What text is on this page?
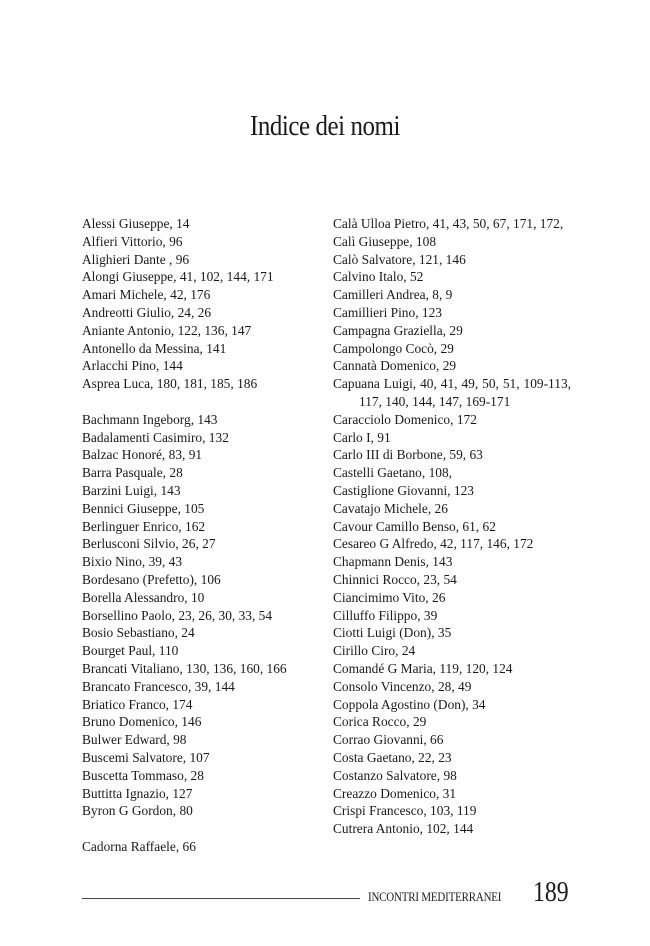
Indice dei nomi
Alessi Giuseppe, 14
Alfieri Vittorio, 96
Alighieri Dante , 96
Alongi Giuseppe, 41, 102, 144, 171
Amari Michele, 42, 176
Andreotti Giulio, 24, 26
Aniante Antonio, 122, 136, 147
Antonello da Messina, 141
Arlacchi Pino, 144
Asprea Luca, 180, 181, 185, 186
Bachmann Ingeborg, 143
Badalamenti Casimiro, 132
Balzac Honoré, 83, 91
Barra Pasquale, 28
Barzini Luigi, 143
Bennici Giuseppe, 105
Berlinguer Enrico, 162
Berlusconi Silvio, 26, 27
Bixio Nino, 39, 43
Bordesano (Prefetto), 106
Borella Alessandro, 10
Borsellino Paolo, 23, 26, 30, 33, 54
Bosio Sebastiano, 24
Bourget Paul, 110
Brancati Vitaliano, 130, 136, 160, 166
Brancato Francesco, 39, 144
Briatico Franco, 174
Bruno Domenico, 146
Bulwer Edward, 98
Buscemi Salvatore, 107
Buscetta Tommaso, 28
Buttitta Ignazio, 127
Byron G Gordon, 80
Cadorna Raffaele, 66
Calà Ulloa Pietro, 41, 43, 50, 67, 171, 172,
Calì Giuseppe, 108
Calò Salvatore, 121, 146
Calvino Italo, 52
Camilleri Andrea, 8, 9
Camillieri Pino, 123
Campagna Graziella, 29
Campolongo Cocò, 29
Cannatà Domenico, 29
Capuana Luigi, 40, 41, 49, 50, 51, 109-113, 117, 140, 144, 147, 169-171
Caracciolo Domenico, 172
Carlo I, 91
Carlo III di Borbone, 59, 63
Castelli Gaetano, 108,
Castiglione Giovanni, 123
Cavatajo Michele, 26
Cavour Camillo Benso, 61, 62
Cesareo G Alfredo, 42, 117, 146, 172
Chapmann Denis, 143
Chinnici Rocco, 23, 54
Ciancimimo Vito, 26
Cilluffo Filippo, 39
Ciotti Luigi (Don), 35
Cirillo Ciro, 24
Comandé G Maria, 119, 120, 124
Consolo Vincenzo, 28, 49
Coppola Agostino (Don), 34
Corica Rocco, 29
Corrao Giovanni, 66
Costa Gaetano, 22, 23
Costanzo Salvatore, 98
Creazzo Domenico, 31
Crispi Francesco, 103, 119
Cutrera Antonio, 102, 144
INCONTRI MEDITERRANEI 189
